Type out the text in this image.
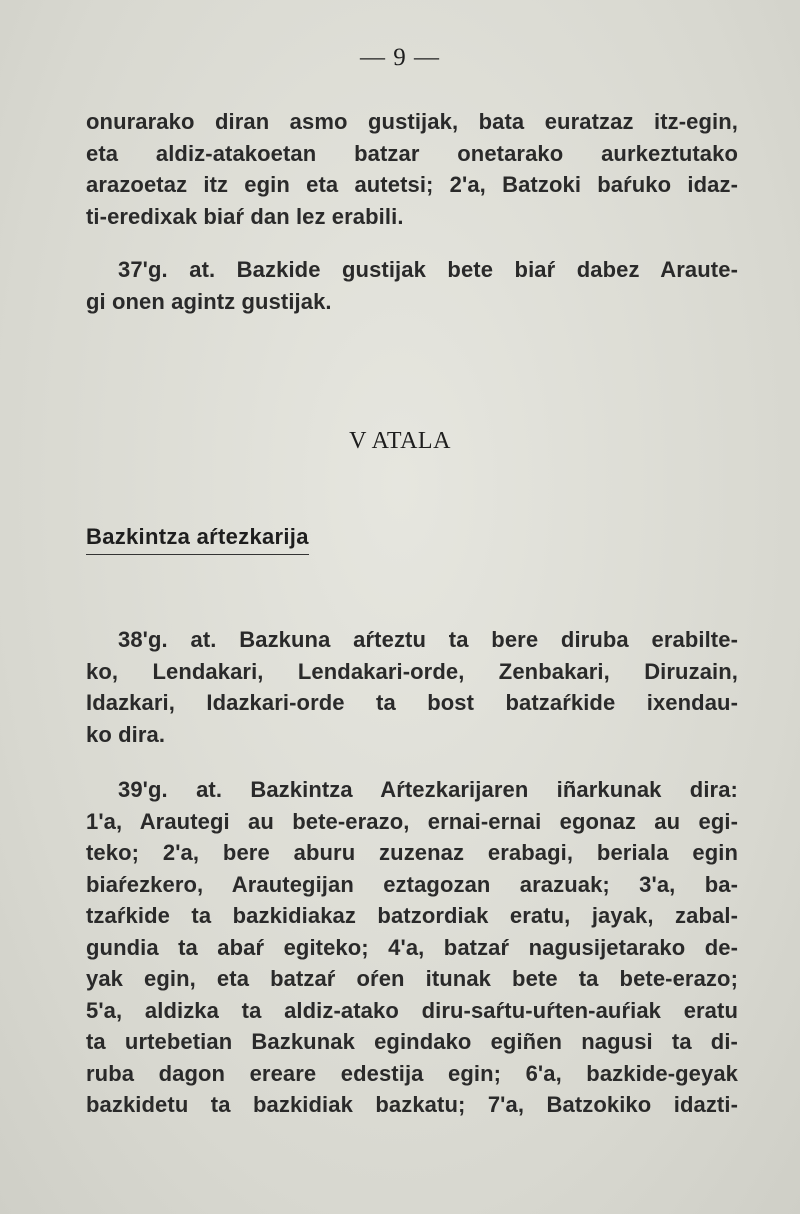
— 9 —
onurarako diran asmo gustijak, bata euratzaz itz-egin,
eta aldiz-atakoetan batzar onetarako aurkeztutako
arazoetaz itz egin eta autetsi; 2'a, Batzoki baŕuko idaz-
ti-eredixak biaŕ dan lez erabili.
37'g. at. Bazkide gustijak bete biaŕ dabez Araute-
gi onen agintz gustijak.
V ATALA
Bazkintza aŕtezkarija
38'g. at. Bazkuna aŕteztu ta bere diruba erabilte-
ko, Lendakari, Lendakari-orde, Zenbakari, Diruzain,
Idazkari, Idazkari-orde ta bost batzaŕkide ixendau-
ko dira.
39'g. at. Bazkintza Aŕtezkarijaren iñarkunak dira:
1'a, Arautegi au bete-erazo, ernai-ernai egonaz au egi-
teko; 2'a, bere aburu zuzenaz erabagi, beriala egin
biaŕezkero, Arautegijan eztagozan arazuak; 3'a, ba-
tzaŕkide ta bazkidiakaz batzordiak eratu, jayak, zabal-
gundia ta abaŕ egiteko; 4'a, batzaŕ nagusijetarako de-
yak egin, eta batzaŕ oŕen itunak bete ta bete-erazo;
5'a, aldizka ta aldiz-atako diru-saŕtu-uŕten-auŕiak eratu
ta urtebetian Bazkunak egindako egiñen nagusi ta di-
ruba dagon ereare edestija egin; 6'a, bazkide-geyak
bazkidetu ta bazkidiak bazkatu; 7'a, Batzokiko idazti-
